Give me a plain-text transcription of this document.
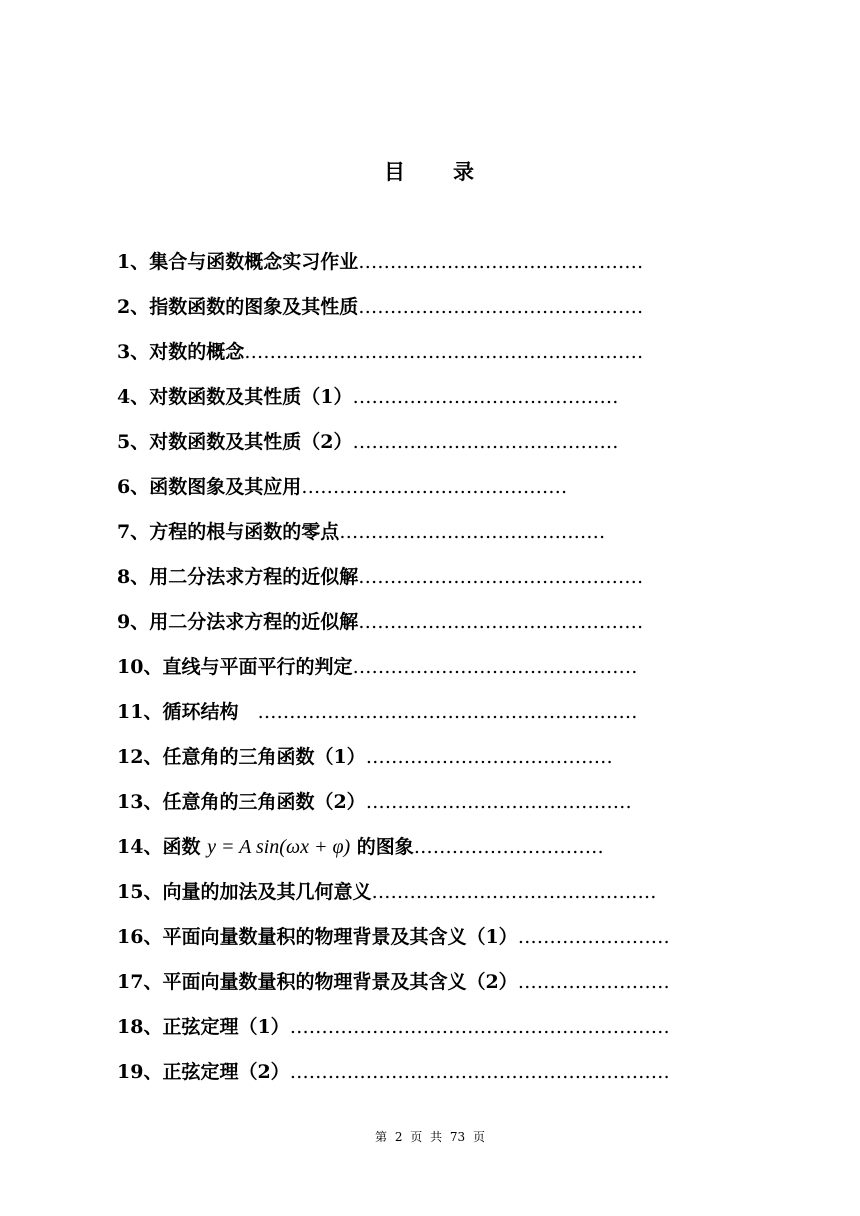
目　　录
1、集合与函数概念实习作业………………………………………
2、指数函数的图象及其性质………………………………………
3、对数的概念………………………………………………………
4、对数函数及其性质（1）……………………………………
5、对数函数及其性质（2）……………………………………
6、函数图象及其应用……………………………………
7、方程的根与函数的零点……………………………………
8、用二分法求方程的近似解………………………………………
9、用二分法求方程的近似解………………………………………
10、直线与平面平行的判定………………………………………
11、循环结构　……………………………………………………
12、任意角的三角函数（1）…………………………………
13、任意角的三角函数（2）……………………………………
14、函数 y = A sin(ωx + φ) 的图象…………………………
15、向量的加法及其几何意义………………………………………
16、平面向量数量积的物理背景及其含义（1）……………………
17、平面向量数量积的物理背景及其含义（2）……………………
18、正弦定理（1）……………………………………………………
19、正弦定理（2）……………………………………………………
第 2 页 共 73 页
